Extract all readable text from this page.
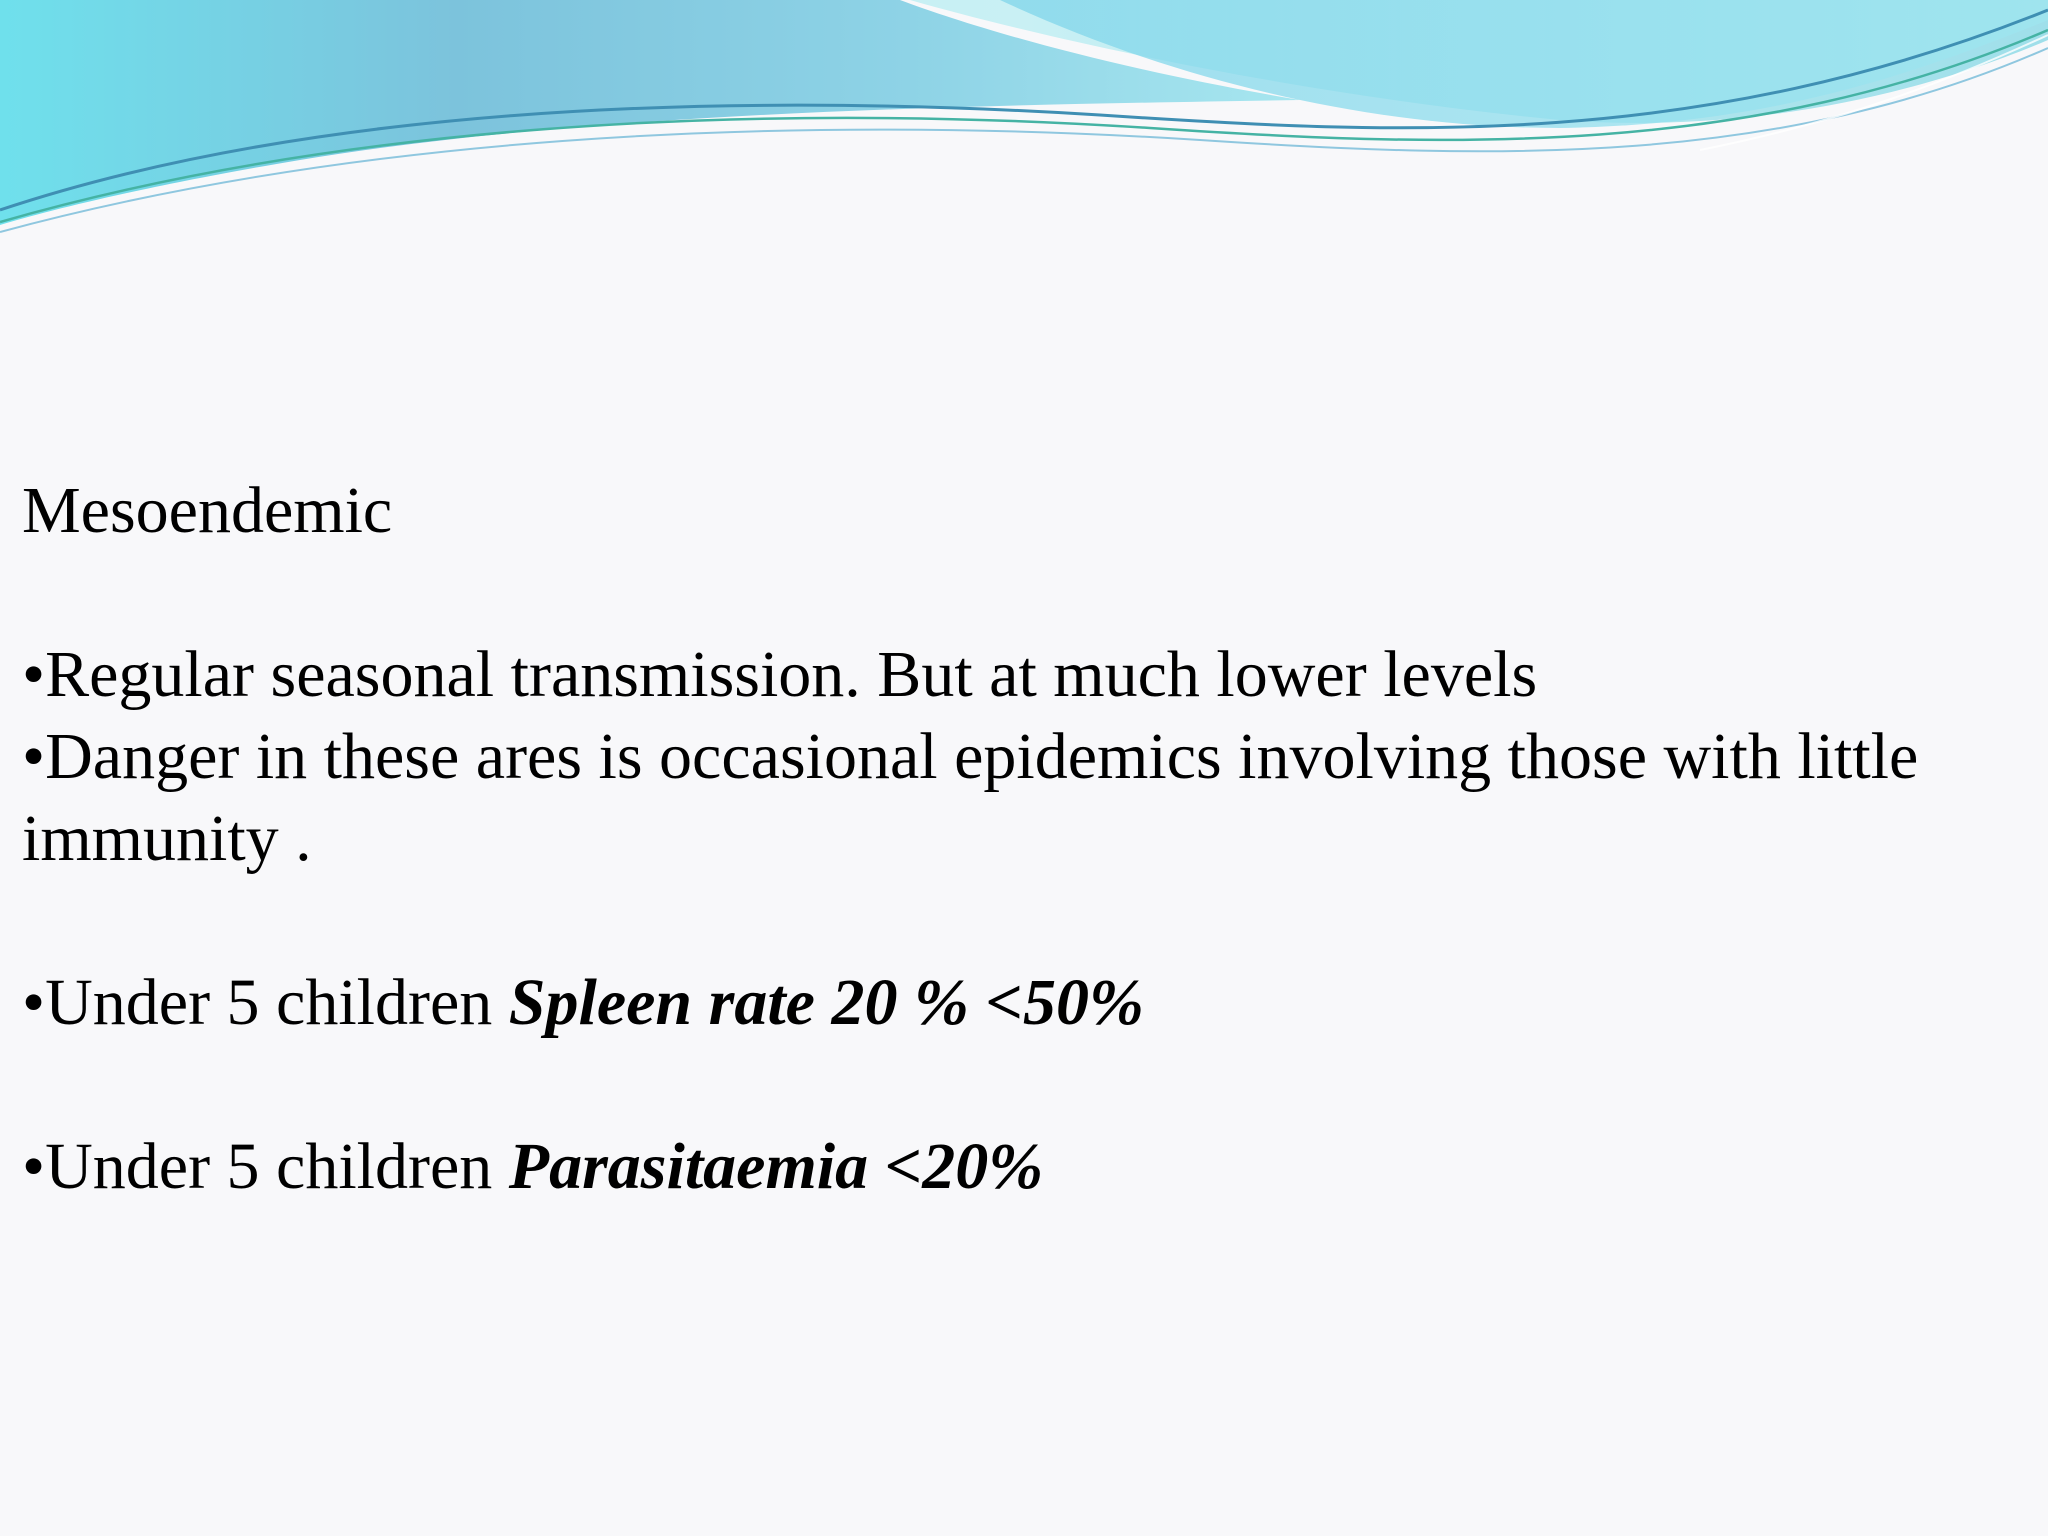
Mesoendemic

•Regular seasonal transmission. But at much lower levels

•Danger in these ares is occasional epidemics involving those with little immunity .

•Under 5 children Spleen rate 20 % <50%

•Under 5 children Parasitaemia <20%
